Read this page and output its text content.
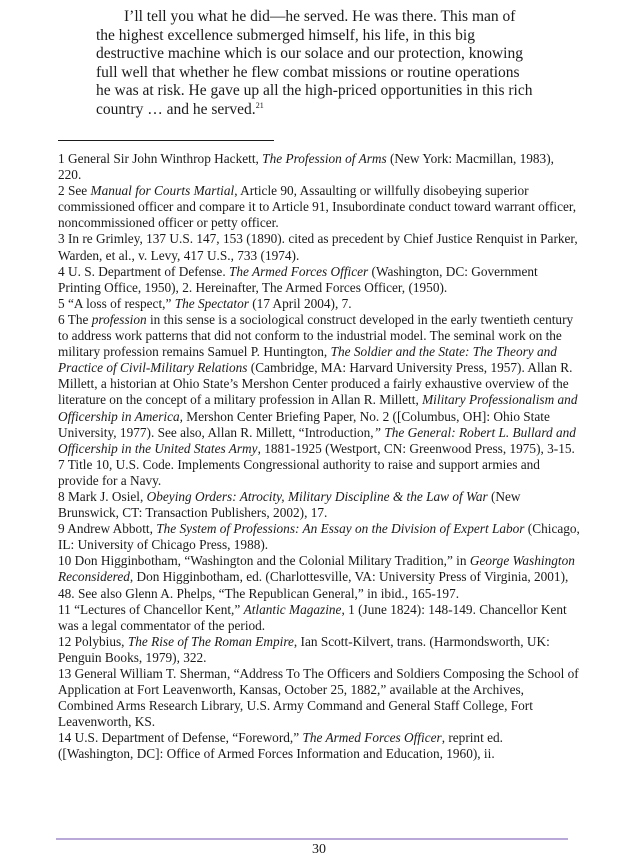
I’ll tell you what he did—he served. He was there. This man of the highest excellence submerged himself, his life, in this big destructive machine which is our solace and our protection, knowing full well that whether he flew combat missions or routine operations he was at risk. He gave up all the high-priced opportunities in this rich country … and he served.$^{21}$

1 General Sir John Winthrop Hackett, The Profession of Arms (New York: Macmillan, 1983), 220.

2 See Manual for Courts Martial, Article 90, Assaulting or willfully disobeying superior commissioned officer and compare it to Article 91, Insubordinate conduct toward warrant officer, noncommissioned officer or petty officer.

3 In re Grimley, 137 U.S. 147, 153 (1890). cited as precedent by Chief Justice Renquist in Parker, Warden, et al., v. Levy, 417 U.S., 733 (1974).

4 U. S. Department of Defense. The Armed Forces Officer (Washington, DC: Government Printing Office, 1950), 2. Hereinafter, The Armed Forces Officer, (1950).

5 “A loss of respect,” The Spectator (17 April 2004), 7.

6 The profession in this sense is a sociological construct developed in the early twentieth century to address work patterns that did not conform to the industrial model. The seminal work on the military profession remains Samuel P. Huntington, The Soldier and the State: The Theory and Practice of Civil-Military Relations (Cambridge, MA: Harvard University Press, 1957). Allan R. Millett, a historian at Ohio State’s Mershon Center produced a fairly exhaustive overview of the literature on the concept of a military profession in Allan R. Millett, Military Professionalism and Officership in America, Mershon Center Briefing Paper, No. 2 ([Columbus, OH]: Ohio State University, 1977). See also, Allan R. Millett, “Introduction,” The General: Robert L. Bullard and Officership in the United States Army, 1881-1925 (Westport, CN: Greenwood Press, 1975), 3-15.

7 Title 10, U.S. Code. Implements Congressional authority to raise and support armies and provide for a Navy.

8 Mark J. Osiel, Obeying Orders: Atrocity, Military Discipline & the Law of War (New Brunswick, CT: Transaction Publishers, 2002), 17.

9 Andrew Abbott, The System of Professions: An Essay on the Division of Expert Labor (Chicago, IL: University of Chicago Press, 1988).

10 Don Higginbotham, “Washington and the Colonial Military Tradition,” in George Washington Reconsidered, Don Higginbotham, ed. (Charlottesville, VA: University Press of Virginia, 2001), 48. See also Glenn A. Phelps, “The Republican General,” in ibid., 165-197.

11 “Lectures of Chancellor Kent,” Atlantic Magazine, 1 (June 1824): 148-149. Chancellor Kent was a legal commentator of the period.

12 Polybius, The Rise of The Roman Empire, Ian Scott-Kilvert, trans. (Harmondsworth, UK: Penguin Books, 1979), 322.

13 General William T. Sherman, “Address To The Officers and Soldiers Composing the School of Application at Fort Leavenworth, Kansas, October 25, 1882,” available at the Archives, Combined Arms Research Library, U.S. Army Command and General Staff College, Fort Leavenworth, KS.

14 U.S. Department of Defense, “Foreword,” The Armed Forces Officer, reprint ed. ([Washington, DC]: Office of Armed Forces Information and Education, 1960), ii.

30
